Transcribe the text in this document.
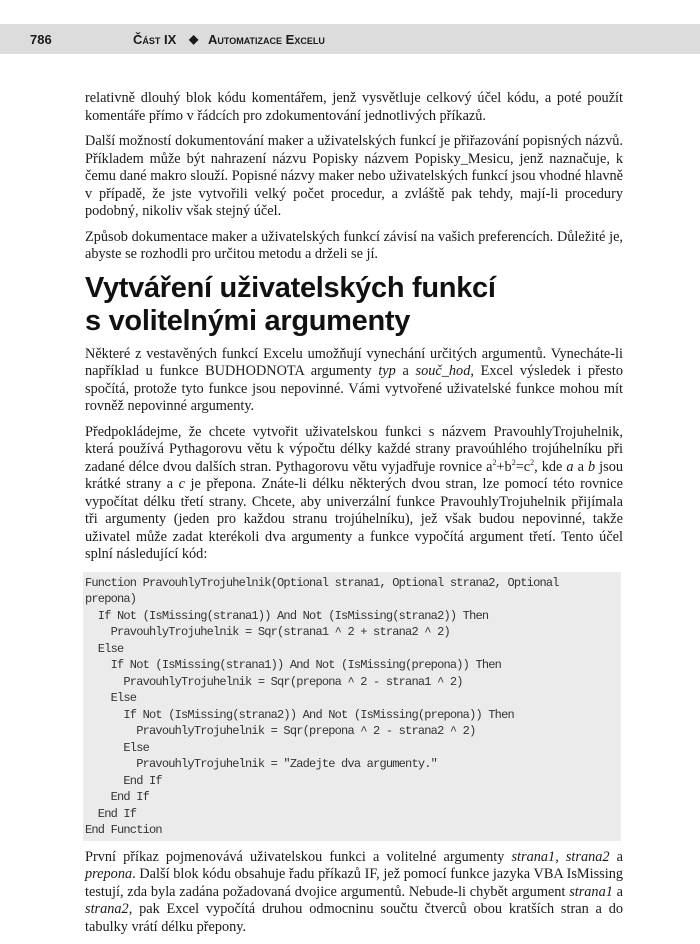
786	Část IX ◆ Automatizace Excelu

relativně dlouhý blok kódu komentářem, jenž vysvětluje celkový účel kódu, a poté použít komentáře přímo v řádcích pro zdokumentování jednotlivých příkazů.

Další možností dokumentování maker a uživatelských funkcí je přiřazování popisných názvů. Příkladem může být nahrazení názvu Popisky názvem Popisky_Mesicu, jenž naznačuje, k čemu dané makro slouží. Popisné názvy maker nebo uživatelských funkcí jsou vhodné hlavně v případě, že jste vytvořili velký počet procedur, a zvláště pak tehdy, mají-li procedury podobný, nikoliv však stejný účel.

Způsob dokumentace maker a uživatelských funkcí závisí na vašich preferencích. Důležité je, abyste se rozhodli pro určitou metodu a drželi se jí.

Vytváření uživatelských funkcí
s volitelnými argumenty

Některé z vestavěných funkcí Excelu umožňují vynechání určitých argumentů. Vynecháte-li například u funkce BUDHODNOTA argumenty typ a souč_hod, Excel výsledek i přesto spočítá, protože tyto funkce jsou nepovinné. Vámi vytvořené uživatelské funkce mohou mít rovněž nepovinné argumenty.

Předpokládejme, že chcete vytvořit uživatelskou funkci s názvem PravouhlyTrojuhelnik, která používá Pythagorovu větu k výpočtu délky každé strany pravoúhlého trojúhelníku při zadané délce dvou dalších stran. Pythagorovu větu vyjadřuje rovnice $a^2+b^2=c^2$, kde a a b jsou krátké strany a c je přepona. Znáte-li délku některých dvou stran, lze pomocí této rovnice vypočítat délku třetí strany. Chcete, aby univerzální funkce PravouhlyTrojuhelnik přijímala tři argumenty (jeden pro každou stranu trojúhelníku), jež však budou nepovinné, takže uživatel může zadat kterékoli dva argumenty a funkce vypočítá argument třetí. Tento účel splní následující kód:

Function PravouhlyTrojuhelnik(Optional strana1, Optional strana2, Optional
prepona)
If Not (IsMissing(strana1)) And Not (IsMissing(strana2)) Then
PravouhlyTrojuhelnik = Sqr(strana1 ^ 2 + strana2 ^ 2)
Else
If Not (IsMissing(strana1)) And Not (IsMissing(prepona)) Then
PravouhlyTrojuhelnik = Sqr(prepona ^ 2 - strana1 ^ 2)
Else
If Not (IsMissing(strana2)) And Not (IsMissing(prepona)) Then
PravouhlyTrojuhelnik = Sqr(prepona ^ 2 - strana2 ^ 2)
Else
PravouhlyTrojuhelnik = "Zadejte dva argumenty."
End If
End If
End If
End Function

První příkaz pojmenovává uživatelskou funkci a volitelné argumenty strana1, strana2 a prepona. Další blok kódu obsahuje řadu příkazů IF, jež pomocí funkce jazyka VBA IsMissing testují, zda byla zadána požadovaná dvojice argumentů. Nebude-li chybět argument strana1 a strana2, pak Excel vypočítá druhou odmocninu součtu čtverců obou kratších stran a do tabulky vrátí délku přepony.
